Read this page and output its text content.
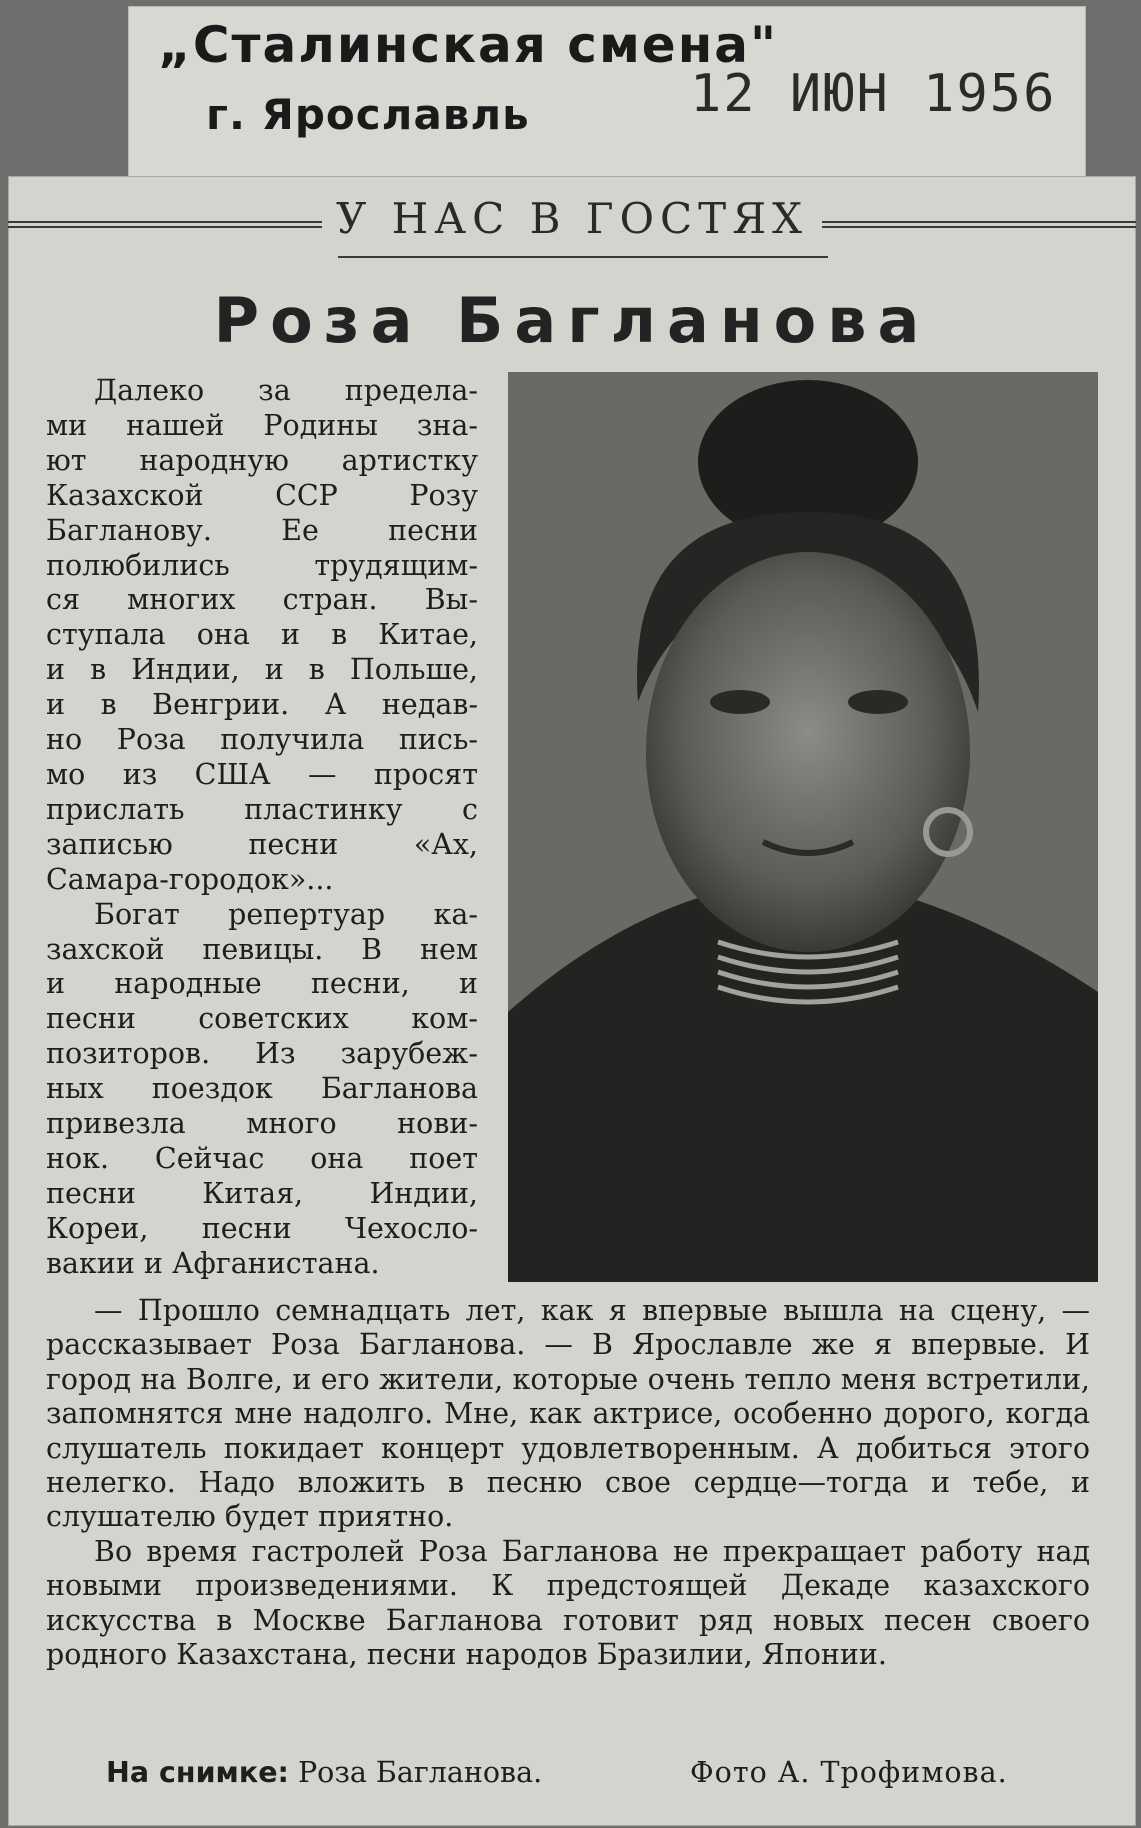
„Сталинская смена"
г. Ярославль	12 ИЮН 1956
У НАС В ГОСТЯХ
Роза Багланова

Далеко за предела-

ми нашей Родины зна-

ют народную артистку

Казахской ССР Розу

Багланову. Ее песни

полюбились трудящим-

ся многих стран. Вы-

ступала она и в Китае,

и в Индии, и в Польше,

и в Венгрии. А недав-

но Роза получила пись-

мо из США — просят

прислать пластинку с

записью песни «Ах,

Самара-городок»...

Богат репертуар ка-

захской певицы. В нем

и народные песни, и

песни советских ком-

позиторов. Из зарубеж-

ных поездок Багланова

привезла много нови-

нок. Сейчас она поет

песни Китая, Индии,

Кореи, песни Чехосло-

вакии и Афганистана.

— Прошло семнадцать лет, как я впервые вышла на сцену, — рассказывает Роза Багланова. — В Ярославле же я впервые. И город на Волге, и его жители, которые очень тепло меня встретили, запомнятся мне надолго. Мне, как актрисе, особенно дорого, когда слушатель покидает концерт удовлетворенным. А добиться этого нелегко. Надо вложить в песню свое сердце—тогда и тебе, и слушателю будет приятно.

Во время гастролей Роза Багланова не прекращает работу над новыми произведениями. К предстоящей Декаде казахского искусства в Москве Багланова готовит ряд новых песен своего родного Казахстана, песни народов Бразилии, Японии.

На снимке: Роза Багланова.	Фото А. Трофимова.
